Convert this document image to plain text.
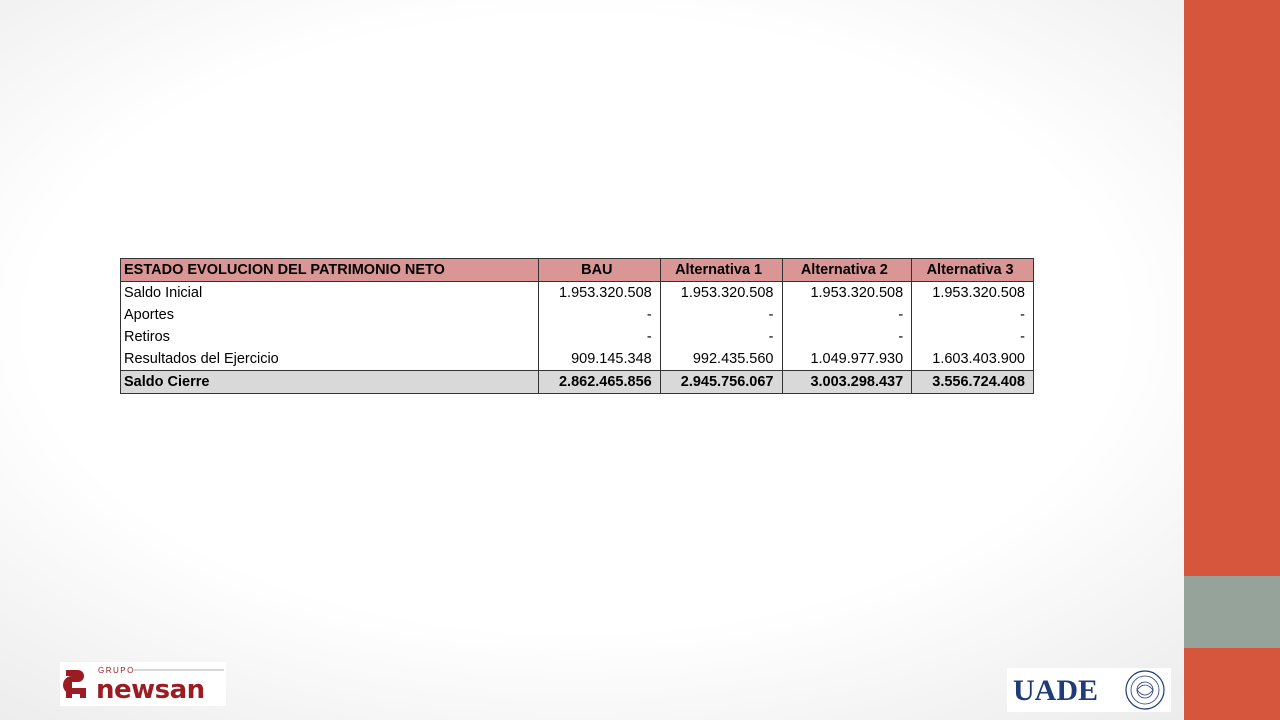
ESTADO EVOLUCION DEL PATRIMONIO NETO	BAU	Alternativa 1	Alternativa 2	Alternativa 3
Saldo Inicial	1.953.320.508	1.953.320.508	1.953.320.508	1.953.320.508
Aportes	-	-	-	-
Retiros	-	-	-	-
Resultados del Ejercicio	909.145.348	992.435.560	1.049.977.930	1.603.403.900
Saldo Cierre	2.862.465.856	2.945.756.067	3.003.298.437	3.556.724.408
GRUPO
newsan	UADE
